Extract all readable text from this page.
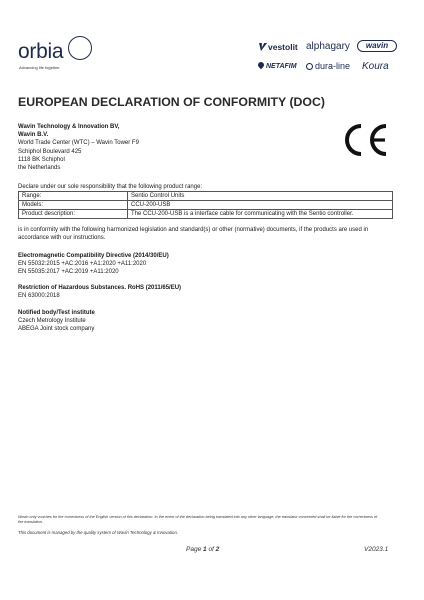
orbia
Advancing life together
vestolit alphagary	wavin
NETAFIM	dura-line Koura
EUROPEAN DECLARATION OF CONFORMITY (DOC)
Wavin Technology & Innovation BV,
Wavin B.V.
World Trade Center (WTC) – Wavin Tower F9
Schiphol Boulevard 425
1118 BK Schiphol
the Netherlands
Declare under our sole responsibility that the following product range:
Range:	Sentio Control Units
Models:	CCU-200-USB
Product description:	The CCU-200-USB is a interface cable for communicating with the Sentio controller.
is in conformity with the following harmonized legislation and standard(s) or other (normative) documents, if the products are used in accordance with our instructions.
Electromagnetic Compatibility Directive (2014/30/EU)
EN 55032:2015 +AC:2016 +A1:2020 +A11:2020
EN 55035:2017 +AC:2019 +A11:2020
Restriction of Hazardous Substances. RoHS (2011/65/EU)
EN 63000:2018
Notified body/Test institute
Czech Metrology Institute
ABEGA Joint stock company
Wavin only vouches for the correctness of the English version of this declaration. In the event of the declaration being translated into any other language, the translator concerned shall be liable for the correctness of the translation.
This document is managed by the quality system of Wavin Technology & Innovation.
Page 1 of 2	V2023.1
